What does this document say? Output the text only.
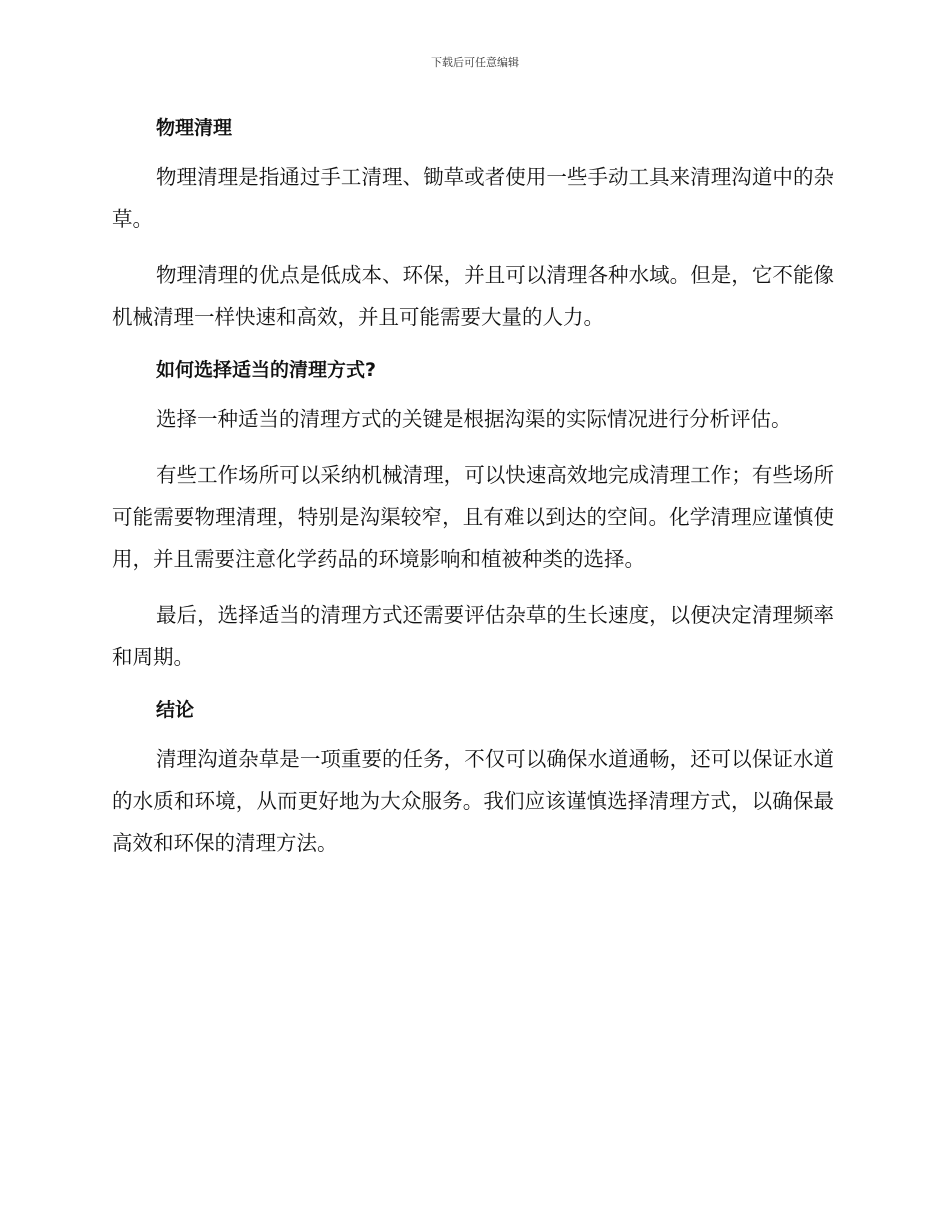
下载后可任意编辑
物理清理

物理清理是指通过手工清理、锄草或者使用一些手动工具来清理沟道中的杂草。

物理清理的优点是低成本、环保，并且可以清理各种水域。但是，它不能像机械清理一样快速和高效，并且可能需要大量的人力。

如何选择适当的清理方式?

选择一种适当的清理方式的关键是根据沟渠的实际情况进行分析评估。

有些工作场所可以采纳机械清理，可以快速高效地完成清理工作；有些场所可能需要物理清理，特别是沟渠较窄，且有难以到达的空间。化学清理应谨慎使用，并且需要注意化学药品的环境影响和植被种类的选择。

最后，选择适当的清理方式还需要评估杂草的生长速度，以便决定清理频率和周期。

结论

清理沟道杂草是一项重要的任务，不仅可以确保水道通畅，还可以保证水道的水质和环境，从而更好地为大众服务。我们应该谨慎选择清理方式，以确保最高效和环保的清理方法。
